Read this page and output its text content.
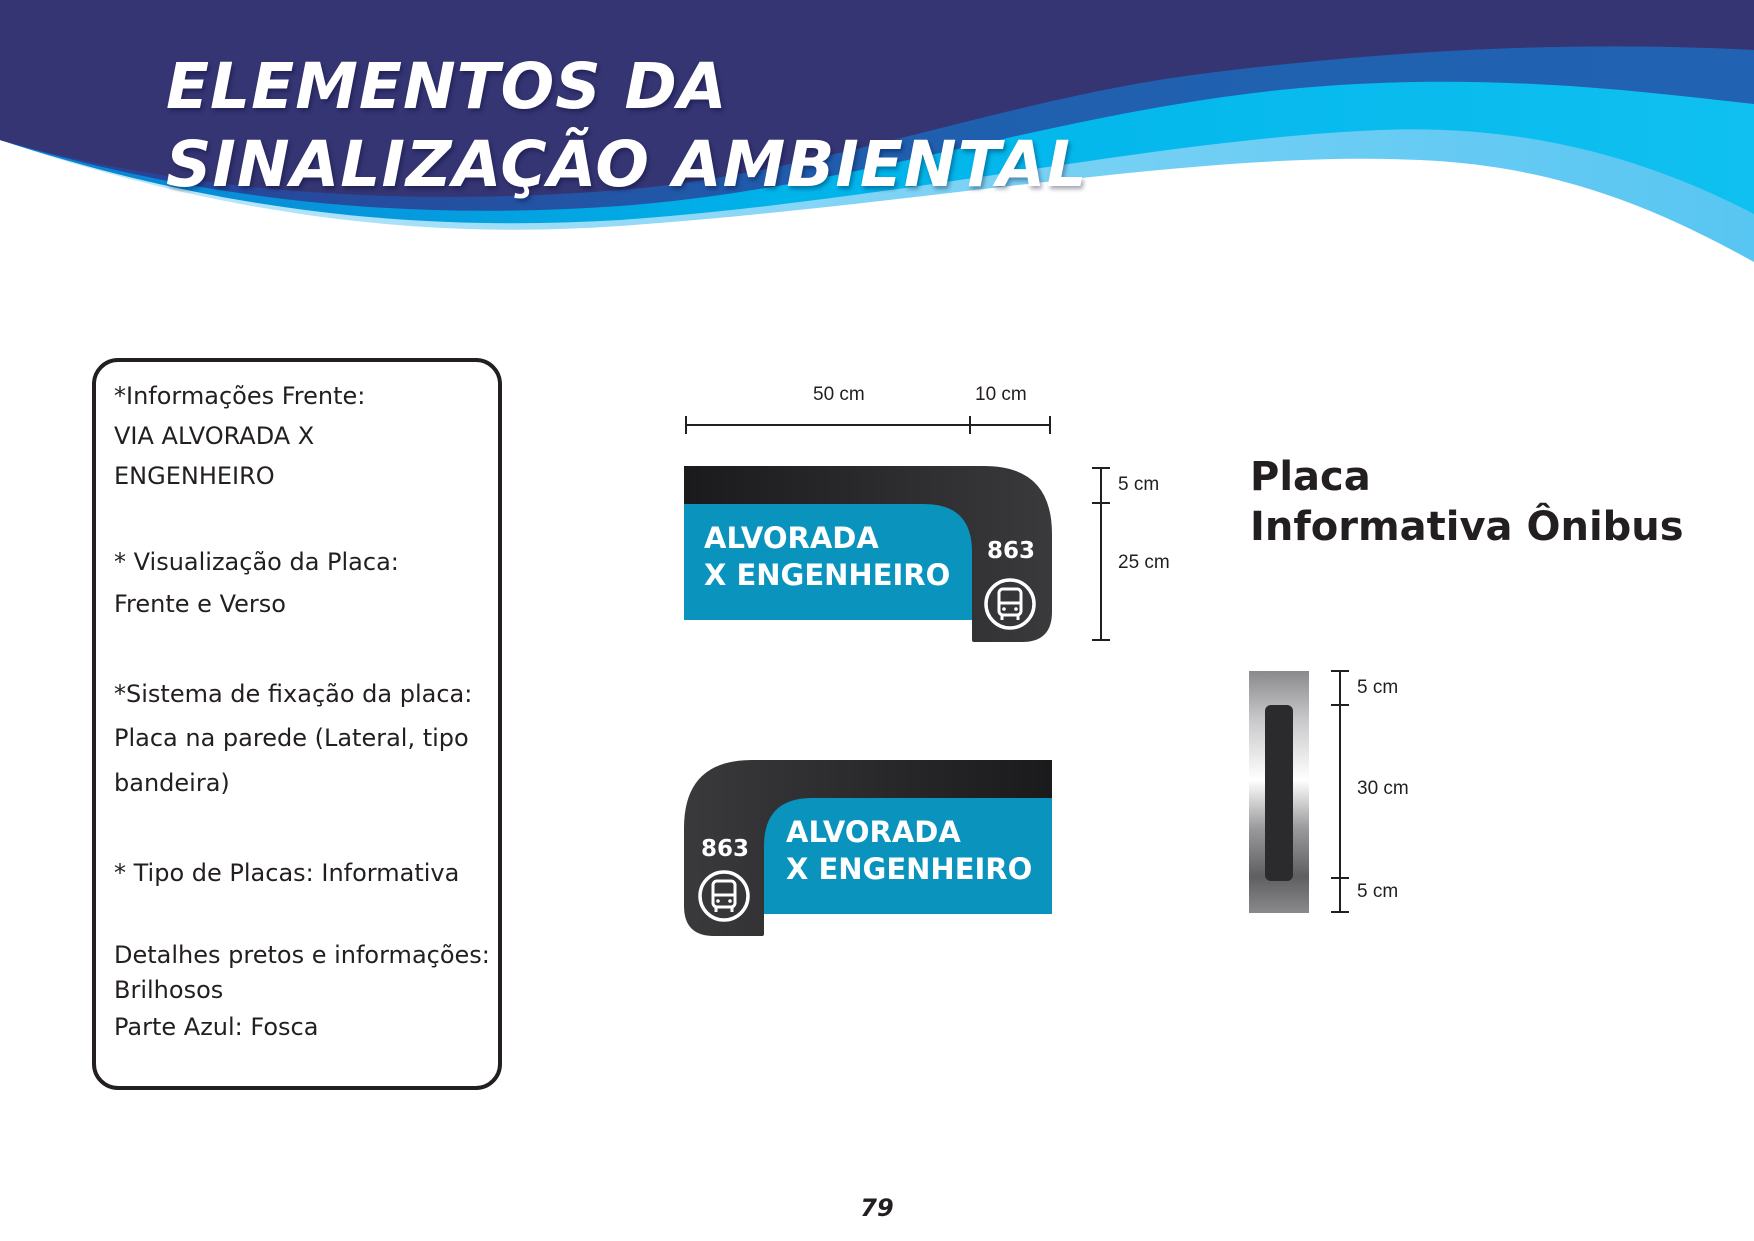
ELEMENTOS DA
SINALIZAÇÃO AMBIENTAL

*Informações Frente:

VIA ALVORADA X

ENGENHEIRO

* Visualização da Placa:

Frente e Verso

*Sistema de fixação da placa:

Placa na parede (Lateral, tipo

bandeira)

* Tipo de Placas: Informativa

Detalhes pretos e informações:

Brilhosos

Parte Azul: Fosca

50 cm	10 cm
5 cm
25 cm
5 cm
30 cm
5 cm
ALVORADA
X ENGENHEIRO
863
ALVORADA
X ENGENHEIRO
863
Placa
Informativa Ônibus
79
